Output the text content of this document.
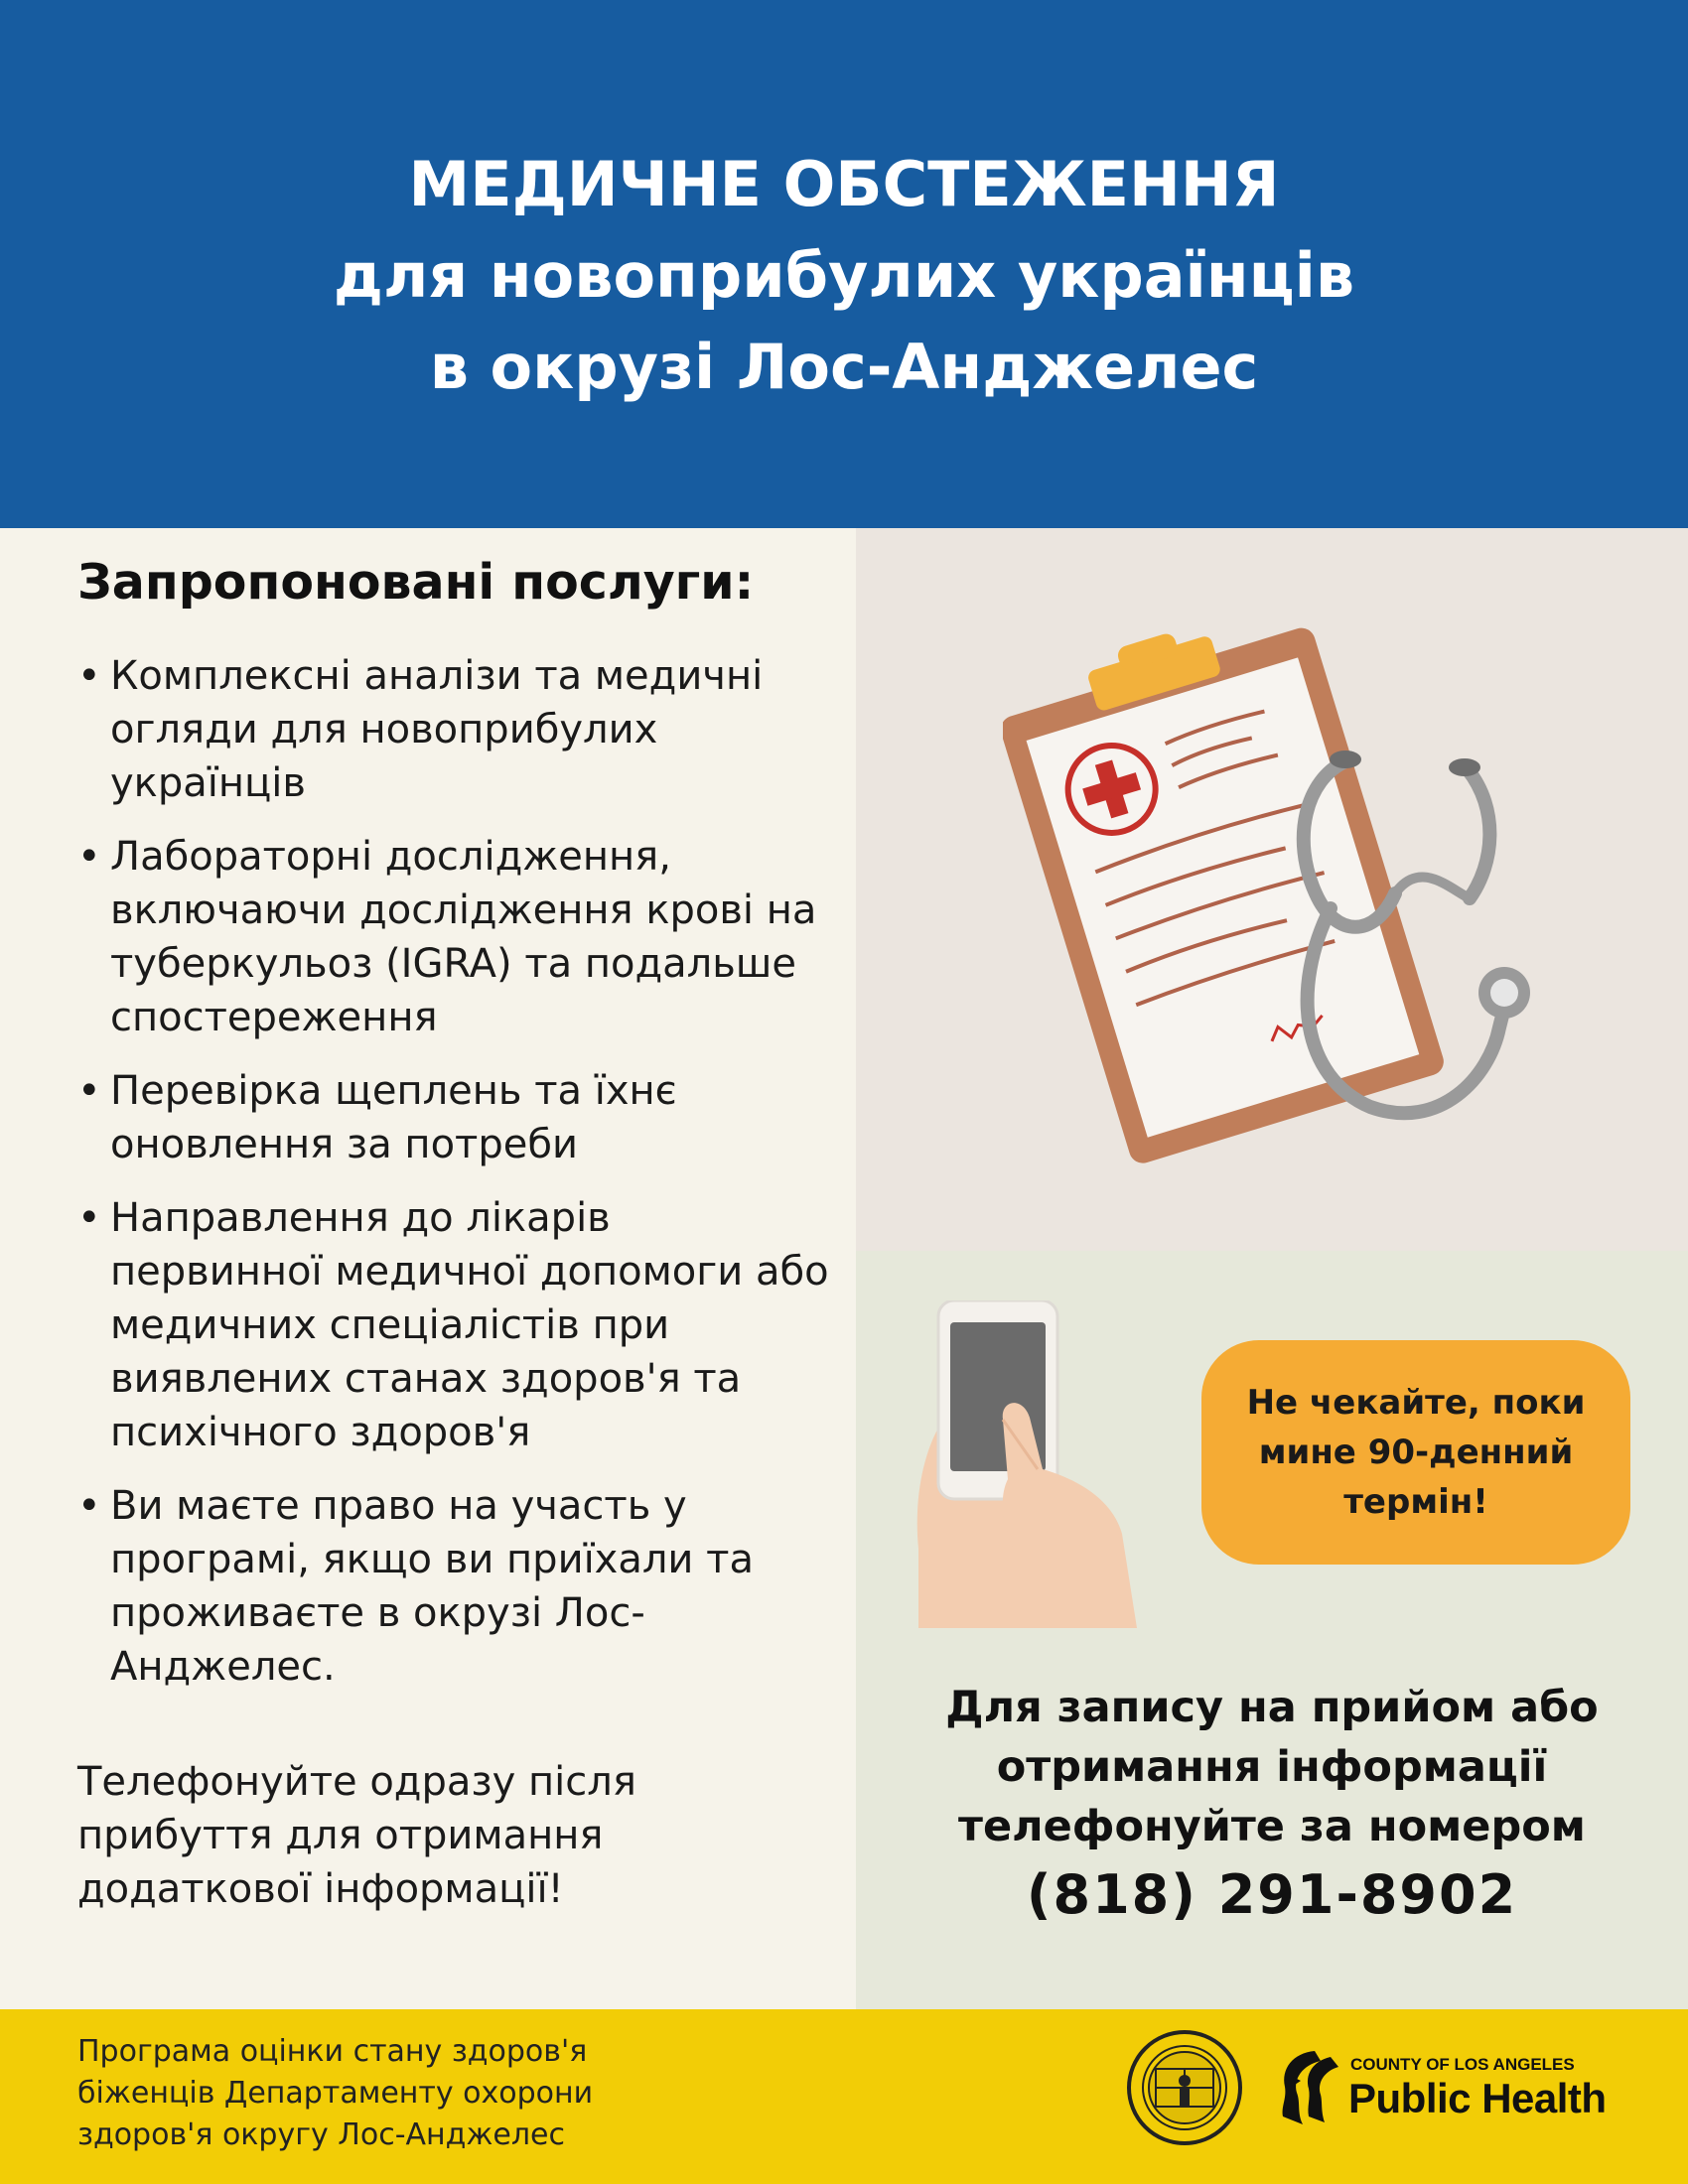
МЕДИЧНЕ ОБСТЕЖЕННЯ
для новоприбулих українців
в окрузі Лос-Анджелес
Запропоновані послуги:
• Комплексні аналізи та медичні огляди для новоприбулих українців
• Лабораторні дослідження, включаючи дослідження крові на туберкульоз (IGRA) та подальше спостереження
• Перевірка щеплень та їхнє оновлення за потреби
• Направлення до лікарів первинної медичної допомоги або медичних спеціалістів при виявлених станах здоров'я та психічного здоров'я
• Ви маєте право на участь у програмі, якщо ви приїхали та проживаєте в окрузі Лос-Анджелес.

Телефонуйте одразу після прибуття для отримання додаткової інформації!

Не чекайте, поки мине 90-денний термін!
Для запису на прийом або
отримання інформації
телефонуйте за номером
(818) 291-8902
Програма оцінки стану здоров'я
біженців Департаменту охорони
здоров'я округу Лос-Анджелес
COUNTY OF LOS ANGELES
Public Health
